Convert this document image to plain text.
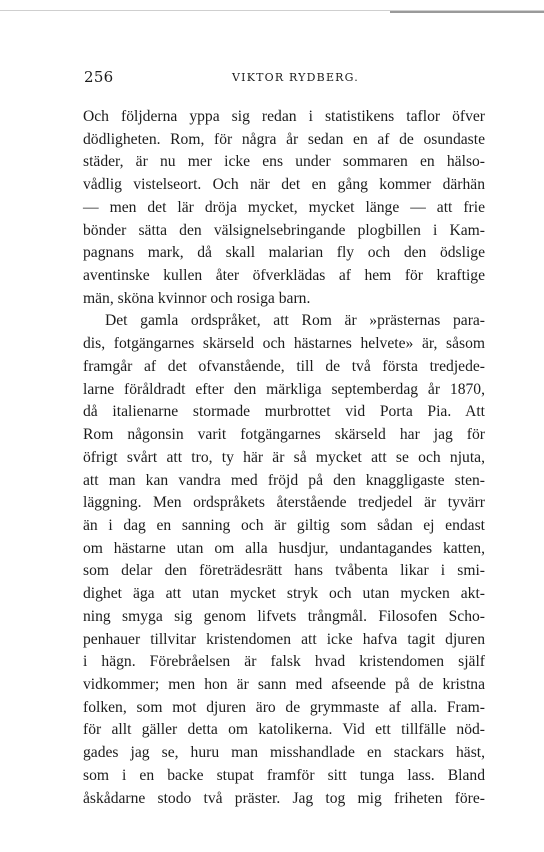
256	VIKTOR RYDBERG.
Och följderna yppa sig redan i statistikens taflor öfver
dödligheten. Rom, för några år sedan en af de osundaste
städer, är nu mer icke ens under sommaren en hälso-
vådlig vistelseort. Och när det en gång kommer därhän
— men det lär dröja mycket, mycket länge — att frie
bönder sätta den välsignelsebringande plogbillen i Kam-
pagnans mark, då skall malarian fly och den ödslige
aventinske kullen åter öfverklädas af hem för kraftige
män, sköna kvinnor och rosiga barn.
Det gamla ordspråket, att Rom är »prästernas para-
dis, fotgängarnes skärseld och hästarnes helvete» är, såsom
framgår af det ofvanstående, till de två första tredjede-
larne föråldradt efter den märkliga septemberdag år 1870,
då italienarne stormade murbrottet vid Porta Pia. Att
Rom någonsin varit fotgängarnes skärseld har jag för
öfrigt svårt att tro, ty här är så mycket att se och njuta,
att man kan vandra med fröjd på den knaggligaste sten-
läggning. Men ordspråkets återstående tredjedel är tyvärr
än i dag en sanning och är giltig som sådan ej endast
om hästarne utan om alla husdjur, undantagandes katten,
som delar den företrädesrätt hans tvåbenta likar i smi-
dighet äga att utan mycket stryk och utan mycken akt-
ning smyga sig genom lifvets trångmål. Filosofen Scho-
penhauer tillvitar kristendomen att icke hafva tagit djuren
i hägn. Förebråelsen är falsk hvad kristendomen själf
vidkommer; men hon är sann med afseende på de kristna
folken, som mot djuren äro de grymmaste af alla. Fram-
för allt gäller detta om katolikerna. Vid ett tillfälle nöd-
gades jag se, huru man misshandlade en stackars häst,
som i en backe stupat framför sitt tunga lass. Bland
åskådarne stodo två präster. Jag tog mig friheten före-
